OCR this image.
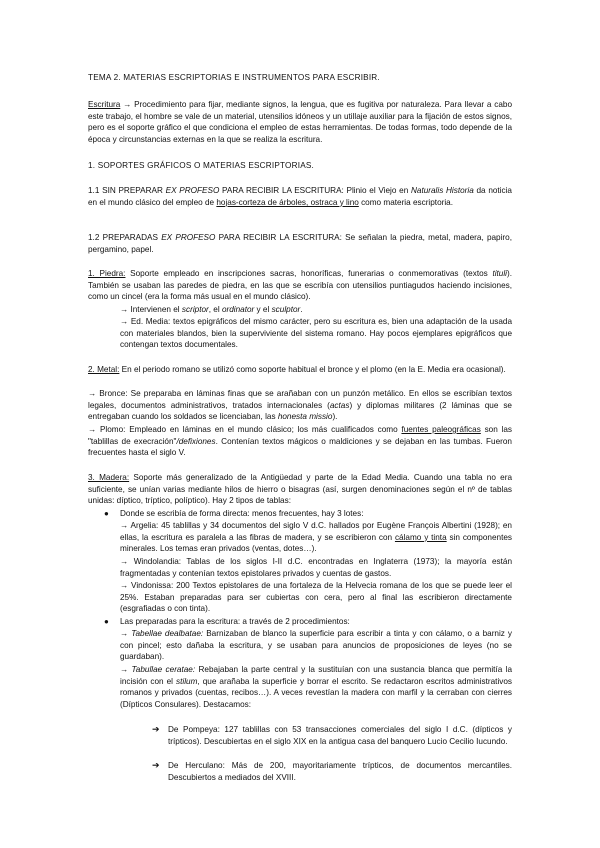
TEMA 2. MATERIAS ESCRIPTORIAS E INSTRUMENTOS PARA ESCRIBIR.

Escritura → Procedimiento para fijar, mediante signos, la lengua, que es fugitiva por naturaleza. Para llevar a cabo este trabajo, el hombre se vale de un material, utensilios idóneos y un utillaje auxiliar para la fijación de estos signos, pero es el soporte gráfico el que condiciona el empleo de estas herramientas. De todas formas, todo depende de la época y circunstancias externas en la que se realiza la escritura.

1. SOPORTES GRÁFICOS O MATERIAS ESCRIPTORIAS.

1.1 SIN PREPARAR EX PROFESO PARA RECIBIR LA ESCRITURA: Plinio el Viejo en Naturalis Historia da noticia en el mundo clásico del empleo de hojas-corteza de árboles, ostraca y lino como materia escriptoria.

1.2 PREPARADAS EX PROFESO PARA RECIBIR LA ESCRITURA: Se señalan la piedra, metal, madera, papiro, pergamino, papel.

1. Piedra: Soporte empleado en inscripciones sacras, honoríficas, funerarias o conmemorativas (textos tituli). También se usaban las paredes de piedra, en las que se escribía con utensilios puntiagudos haciendo incisiones, como un cincel (era la forma más usual en el mundo clásico).

→ Intervienen el scriptor, el ordinator y el sculptor.

→ Ed. Media: textos epigráficos del mismo carácter, pero su escritura es, bien una adaptación de la usada con materiales blandos, bien la superviviente del sistema romano. Hay pocos ejemplares epigráficos que contengan textos documentales.

2. Metal: En el periodo romano se utilizó como soporte habitual el bronce y el plomo (en la E. Media era ocasional).

→ Bronce: Se preparaba en láminas finas que se arañaban con un punzón metálico. En ellos se escribían textos legales, documentos administrativos, tratados internacionales (actas) y diplomas militares (2 láminas que se entregaban cuando los soldados se licenciaban, las honesta missio).

→ Plomo: Empleado en láminas en el mundo clásico; los más cualificados como fuentes paleográficas son las "tablillas de execración"/defixiones. Contenían textos mágicos o maldiciones y se dejaban en las tumbas. Fueron frecuentes hasta el siglo V.

3. Madera: Soporte más generalizado de la Antigüedad y parte de la Edad Media. Cuando una tabla no era suficiente, se unían varias mediante hilos de hierro o bisagras (así, surgen denominaciones según el nº de tablas unidas: díptico, tríptico, políptico). Hay 2 tipos de tablas:

●	Donde se escribía de forma directa: menos frecuentes, hay 3 lotes:

→ Argelia: 45 tablillas y 34 documentos del siglo V d.C. hallados por Eugène François Albertini (1928); en ellas, la escritura es paralela a las fibras de madera, y se escribieron con cálamo y tinta sin componentes minerales. Los temas eran privados (ventas, dotes…).

→ Windolandia: Tablas de los siglos I-II d.C. encontradas en Inglaterra (1973); la mayoría están fragmentadas y contenían textos epistolares privados y cuentas de gastos.

→ Vindonissa: 200 Textos epistolares de una fortaleza de la Helvecia romana de los que se puede leer el 25%. Estaban preparadas para ser cubiertas con cera, pero al final las escribieron directamente (esgrafiadas o con tinta).

●	Las preparadas para la escritura: a través de 2 procedimientos:

→ Tabellae dealbatae: Barnizaban de blanco la superficie para escribir a tinta y con cálamo, o a barniz y con pincel; esto dañaba la escritura, y se usaban para anuncios de proposiciones de leyes (no se guardaban).

→ Tabullae ceratae: Rebajaban la parte central y la sustituían con una sustancia blanca que permitía la incisión con el stilum, que arañaba la superficie y borrar el escrito. Se redactaron escritos administrativos romanos y privados (cuentas, recibos…). A veces revestían la madera con marfil y la cerraban con cierres (Dípticos Consulares). Destacamos:

➔ De Pompeya: 127 tablillas con 53 transacciones comerciales del siglo I d.C. (dípticos y trípticos). Descubiertas en el siglo XIX en la antigua casa del banquero Lucio Cecilio Iucundo.

➔ De Herculano: Más de 200, mayoritariamente trípticos, de documentos mercantiles. Descubiertos a mediados del XVIII.
